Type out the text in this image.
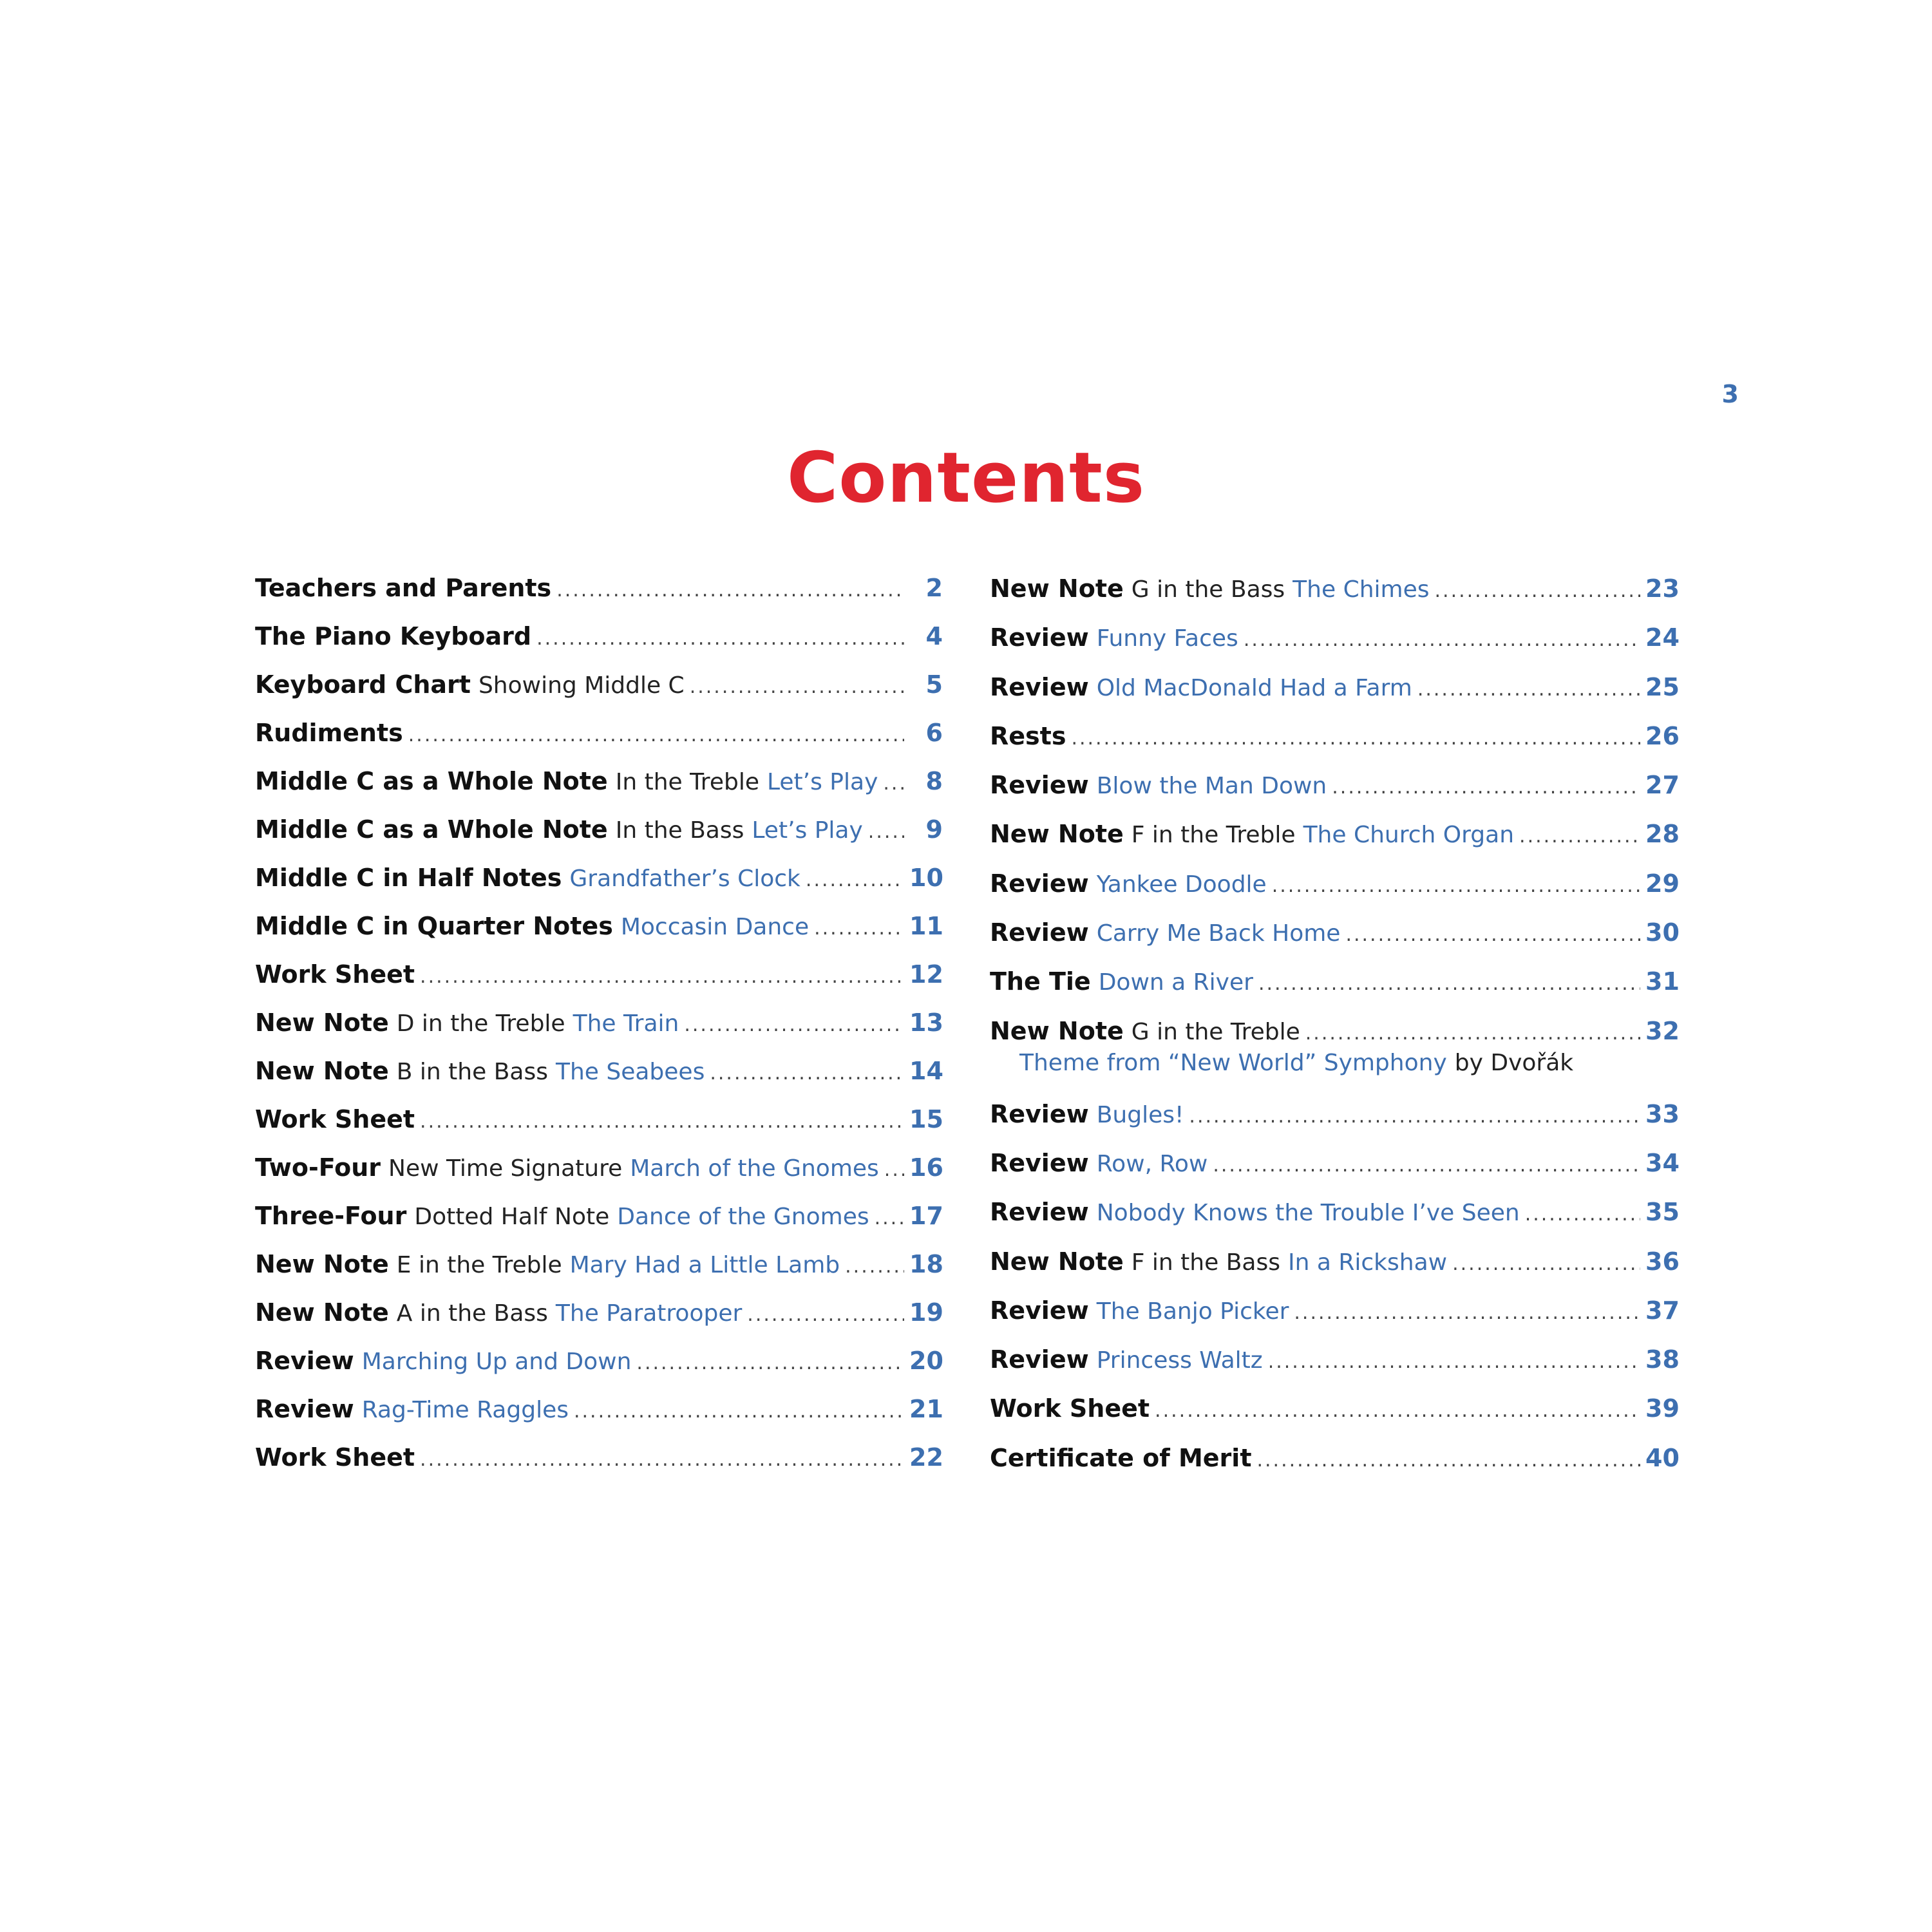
3
Contents
Teachers and Parents .....	2
The Piano Keyboard .....	4
Keyboard Chart Showing Middle C .....	5
Rudiments .....	6
Middle C as a Whole Note In the Treble Let’s Play .....	8
Middle C as a Whole Note In the Bass Let’s Play .....	9
Middle C in Half Notes Grandfather’s Clock .....	10
Middle C in Quarter Notes Moccasin Dance .....	11
Work Sheet .....	12
New Note D in the Treble The Train .....	13
New Note B in the Bass The Seabees .....	14
Work Sheet .....	15
Two-Four New Time Signature March of the Gnomes ..... 16
Three-Four Dotted Half Note Dance of the Gnomes ..... 17
New Note E in the Treble Mary Had a Little Lamb .....	18
New Note A in the Bass The Paratrooper .....	19
Review Marching Up and Down .....	20
Review Rag-Time Raggles .....	21
Work Sheet .....	22
New Note G in the Bass The Chimes .....	23
Review Funny Faces .....	24
Review Old MacDonald Had a Farm .....	25
Rests .....	26
Review Blow the Man Down .....	27
New Note F in the Treble The Church Organ .....	28
Review Yankee Doodle .....	29
Review Carry Me Back Home .....	30
The Tie Down a River .....	31
New Note G in the Treble .....	32
Theme from “New World” Symphony by Dvořák
Review Bugles! .....	33
Review Row, Row .....	34
Review Nobody Knows the Trouble I’ve Seen .....	35
New Note F in the Bass In a Rickshaw .....	36
Review The Banjo Picker .....	37
Review Princess Waltz .....	38
Work Sheet .....	39
Certificate of Merit .....	40
